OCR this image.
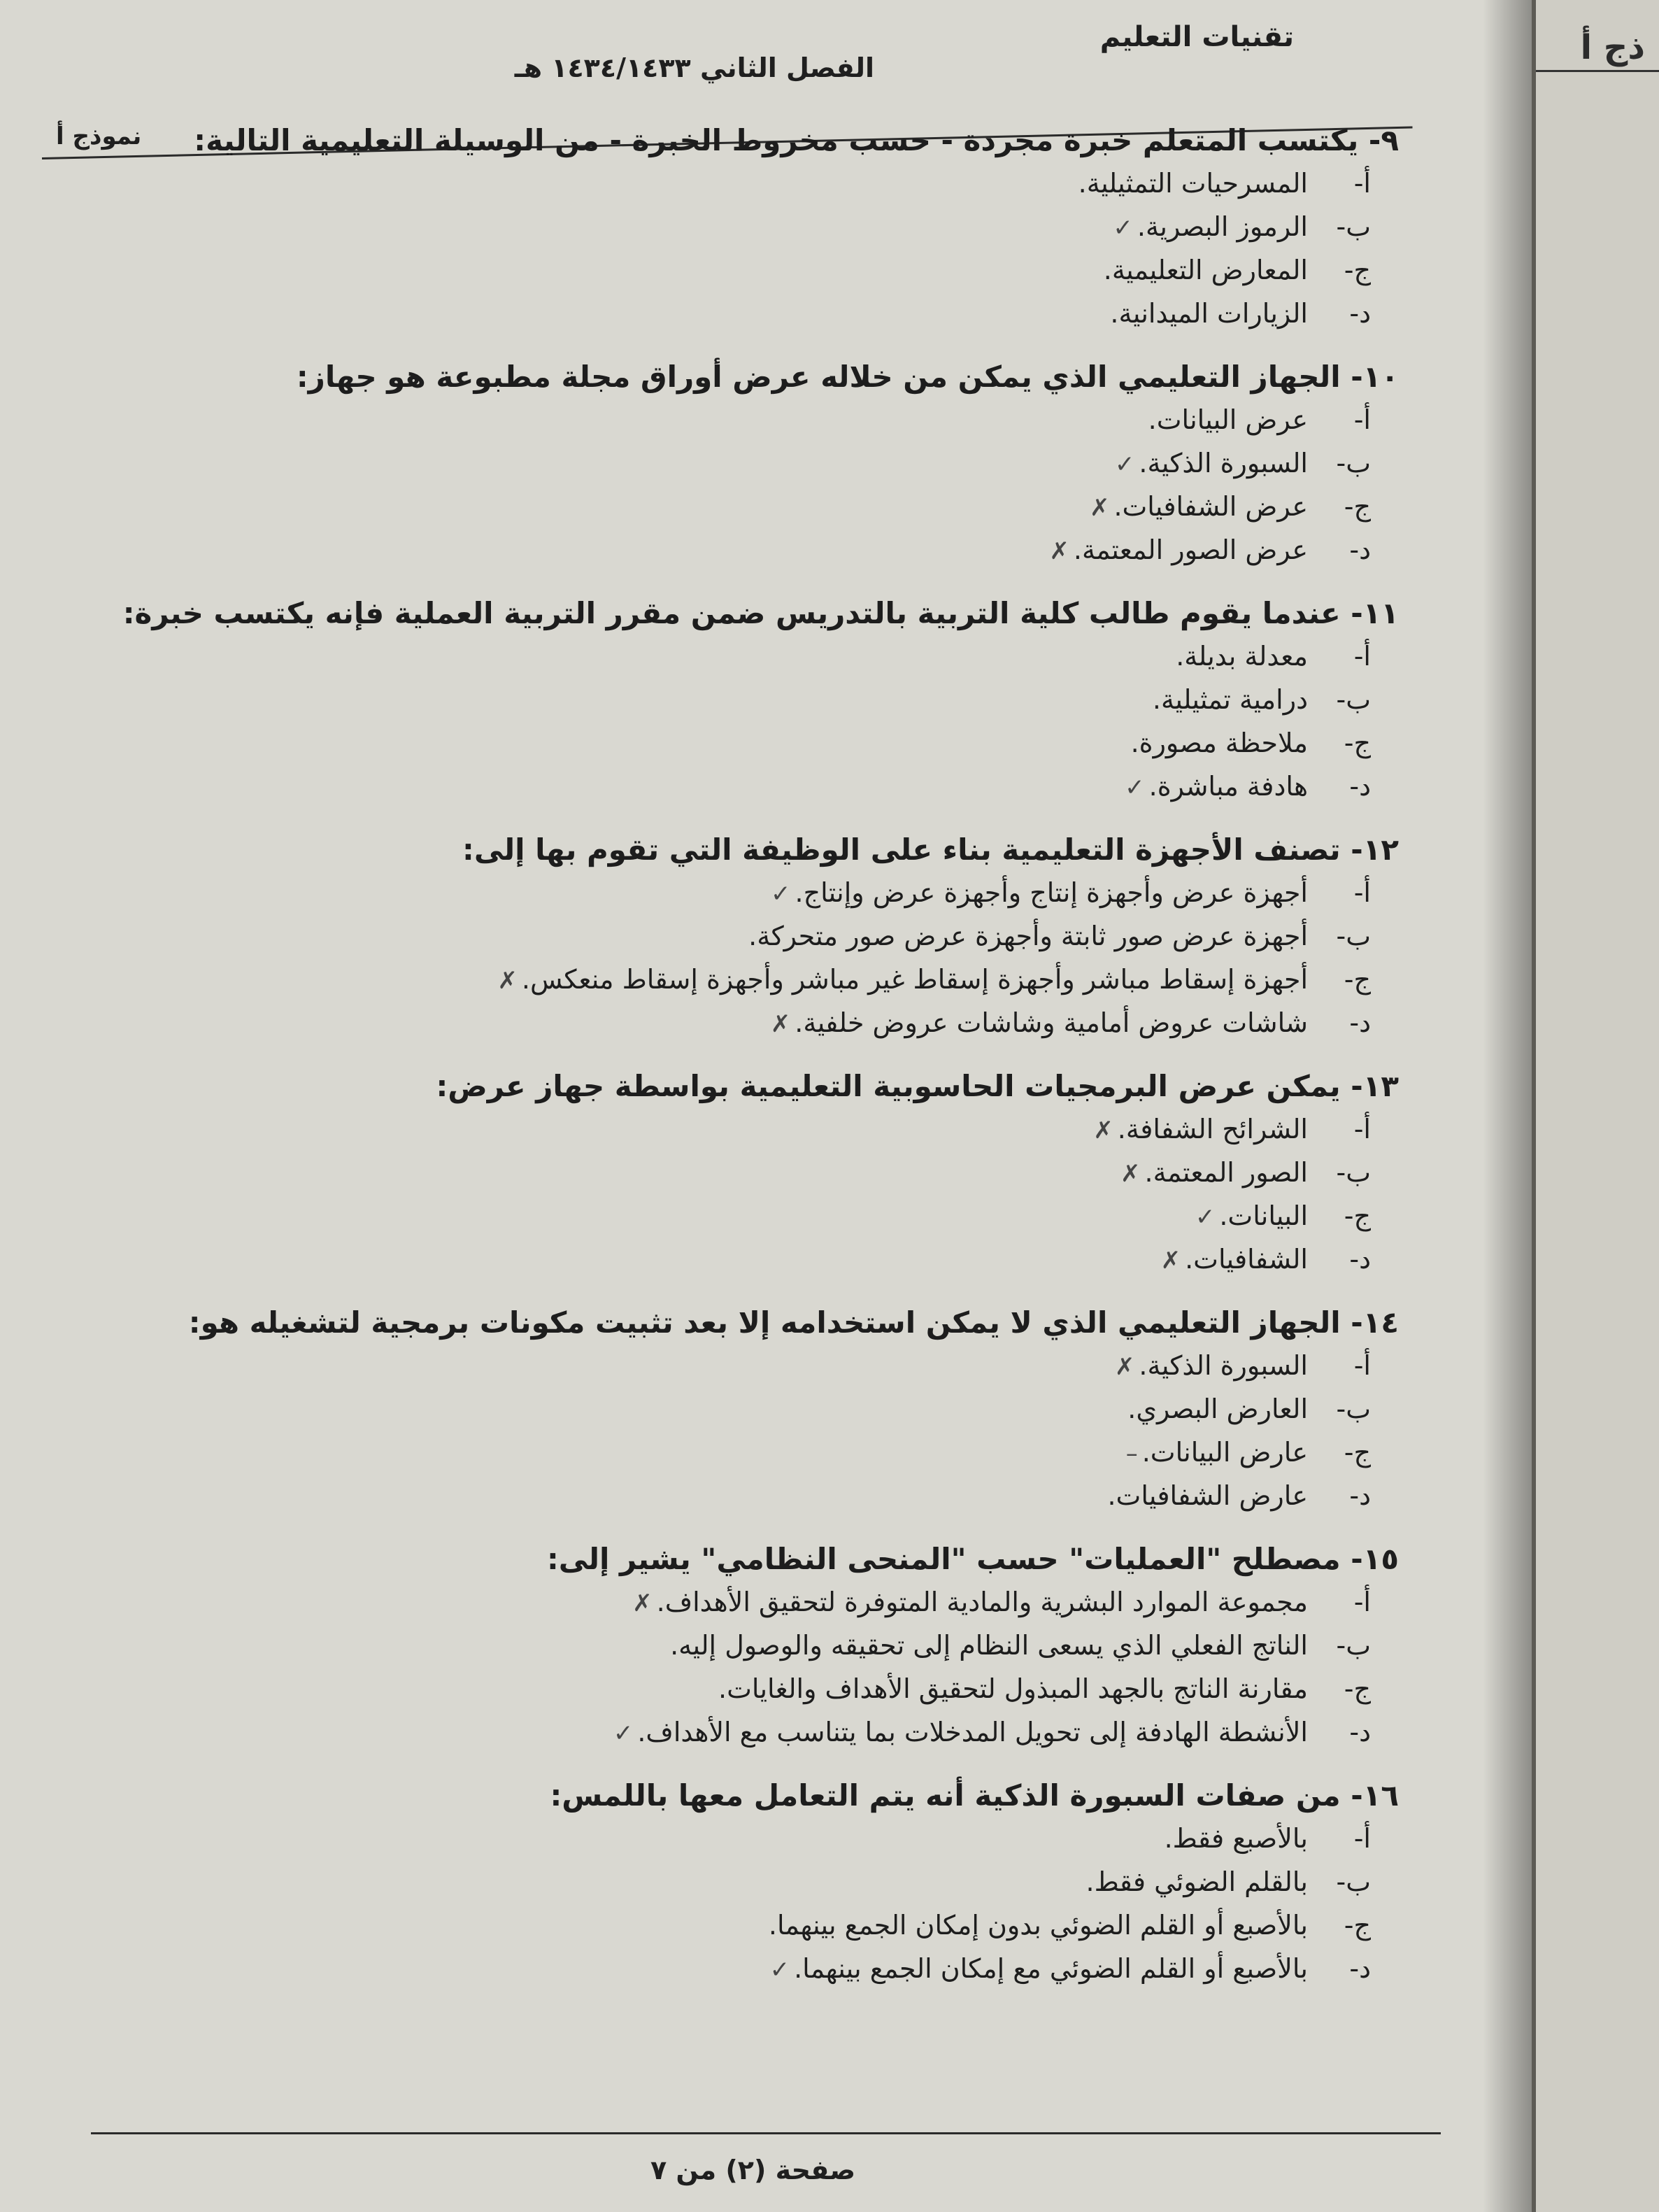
تقنيات التعليم
الفصل الثاني ١٤٣٤/١٤٣٣ هـ
نموذج أ	٩- يكتسب المتعلم خبرة مجردة - حسب مخروط الخبرة - من الوسيلة التعليمية التالية:
أ-المسرحيات التمثيلية.
ب-الرموز البصرية.✓
ج-المعارض التعليمية.
د-الزيارات الميدانية.
١٠- الجهاز التعليمي الذي يمكن من خلاله عرض أوراق مجلة مطبوعة هو جهاز:
أ-عرض البيانات.
ب-السبورة الذكية.✓
ج-عرض الشفافيات.✗
د-عرض الصور المعتمة.✗
١١- عندما يقوم طالب كلية التربية بالتدريس ضمن مقرر التربية العملية فإنه يكتسب خبرة:
أ-معدلة بديلة.
ب-درامية تمثيلية.
ج-ملاحظة مصورة.
د-هادفة مباشرة.✓
١٢- تصنف الأجهزة التعليمية بناء على الوظيفة التي تقوم بها إلى:
أ-أجهزة عرض وأجهزة إنتاج وأجهزة عرض وإنتاج.✓
ب-أجهزة عرض صور ثابتة وأجهزة عرض صور متحركة.
ج-أجهزة إسقاط مباشر وأجهزة إسقاط غير مباشر وأجهزة إسقاط منعكس.✗
د-شاشات عروض أمامية وشاشات عروض خلفية.✗
١٣- يمكن عرض البرمجيات الحاسوبية التعليمية بواسطة جهاز عرض:
أ-الشرائح الشفافة.✗
ب-الصور المعتمة.✗
ج-البيانات.✓
د-الشفافيات.✗
١٤- الجهاز التعليمي الذي لا يمكن استخدامه إلا بعد تثبيت مكونات برمجية لتشغيله هو:
أ-السبورة الذكية.✗
ب-العارض البصري.
ج-عارض البيانات.–
د-عارض الشفافيات.
١٥- مصطلح "العمليات" حسب "المنحى النظامي" يشير إلى:
أ-مجموعة الموارد البشرية والمادية المتوفرة لتحقيق الأهداف.✗
ب-الناتج الفعلي الذي يسعى النظام إلى تحقيقه والوصول إليه.
ج-مقارنة الناتج بالجهد المبذول لتحقيق الأهداف والغايات.
د-الأنشطة الهادفة إلى تحويل المدخلات بما يتناسب مع الأهداف.✓
١٦- من صفات السبورة الذكية أنه يتم التعامل معها باللمس:
أ-بالأصبع فقط.
ب-بالقلم الضوئي فقط.
ج-بالأصبع أو القلم الضوئي بدون إمكان الجمع بينهما.
د-بالأصبع أو القلم الضوئي مع إمكان الجمع بينهما.✓
صفحة (٢) من ٧
ذج أ
